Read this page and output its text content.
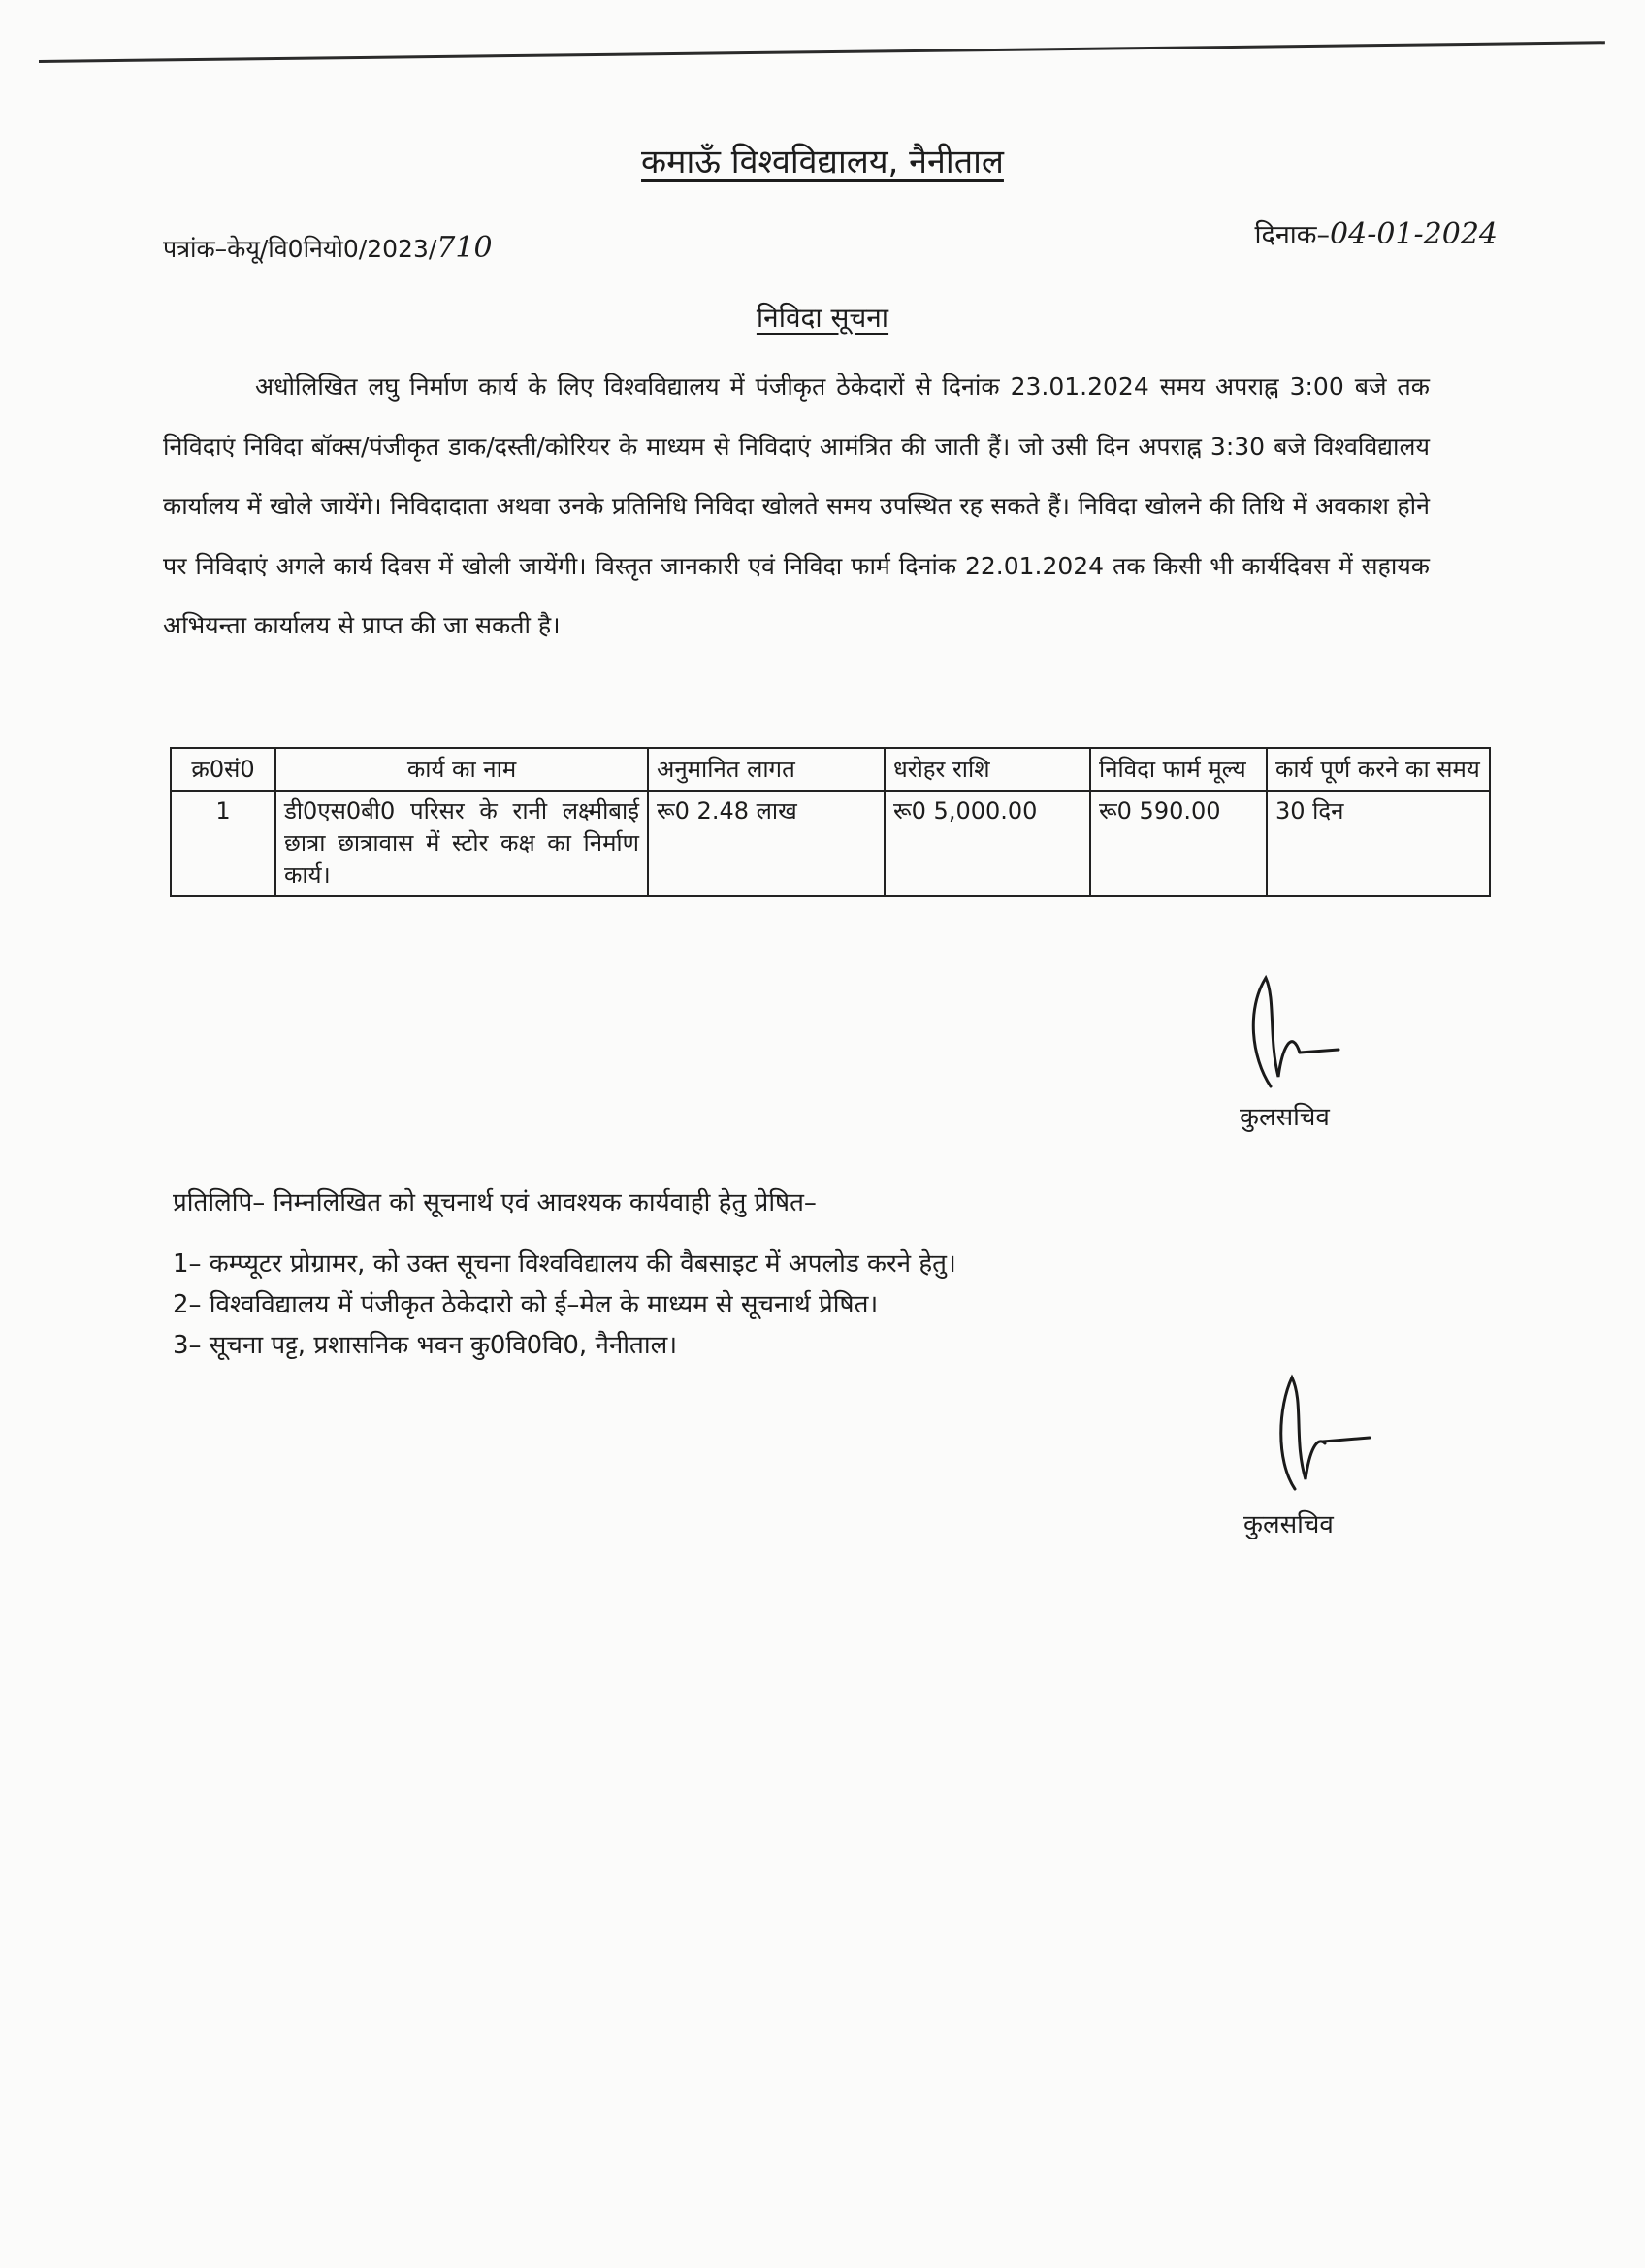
कमाऊँ विश्वविद्यालय, नैनीताल
पत्रांक–केयू/वि0नियो0/2023/710	दिनाक–04-01-2024
निविदा सूचना

अधोलिखित लघु निर्माण कार्य के लिए विश्वविद्यालय में पंजीकृत ठेकेदारों से दिनांक 23.01.2024 समय अपराह्न 3:00 बजे तक निविदाएं निविदा बॉक्स/पंजीकृत डाक/दस्ती/कोरियर के माध्यम से निविदाएं आमंत्रित की जाती हैं। जो उसी दिन अपराह्न 3:30 बजे विश्वविद्यालय कार्यालय में खोले जायेंगे। निविदादाता अथवा उनके प्रतिनिधि निविदा खोलते समय उपस्थित रह सकते हैं। निविदा खोलने की तिथि में अवकाश होने पर निविदाएं अगले कार्य दिवस में खोली जायेंगी। विस्तृत जानकारी एवं निविदा फार्म दिनांक 22.01.2024 तक किसी भी कार्यदिवस में सहायक अभियन्ता कार्यालय से प्राप्त की जा सकती है।

क्र0सं0	कार्य का नाम	अनुमानित लागत	धरोहर राशि	निविदा फार्म मूल्य	कार्य पूर्ण करने का समय
1	डी0एस0बी0 परिसर के रानी लक्ष्मीबाई छात्रा छात्रावास में स्टोर कक्ष का निर्माण कार्य।	रू0 2.48 लाख	रू0 5,000.00	रू0 590.00	30 दिन
कुलसचिव
प्रतिलिपि– निम्नलिखित को सूचनार्थ एवं आवश्यक कार्यवाही हेतु प्रेषित–
1– कम्प्यूटर प्रोग्रामर, को उक्त सूचना विश्वविद्यालय की वैबसाइट में अपलोड करने हेतु।
2– विश्वविद्यालय में पंजीकृत ठेकेदारो को ई–मेल के माध्यम से सूचनार्थ प्रेषित।
3– सूचना पट्ट, प्रशासनिक भवन कु0वि0वि0, नैनीताल।
कुलसचिव
